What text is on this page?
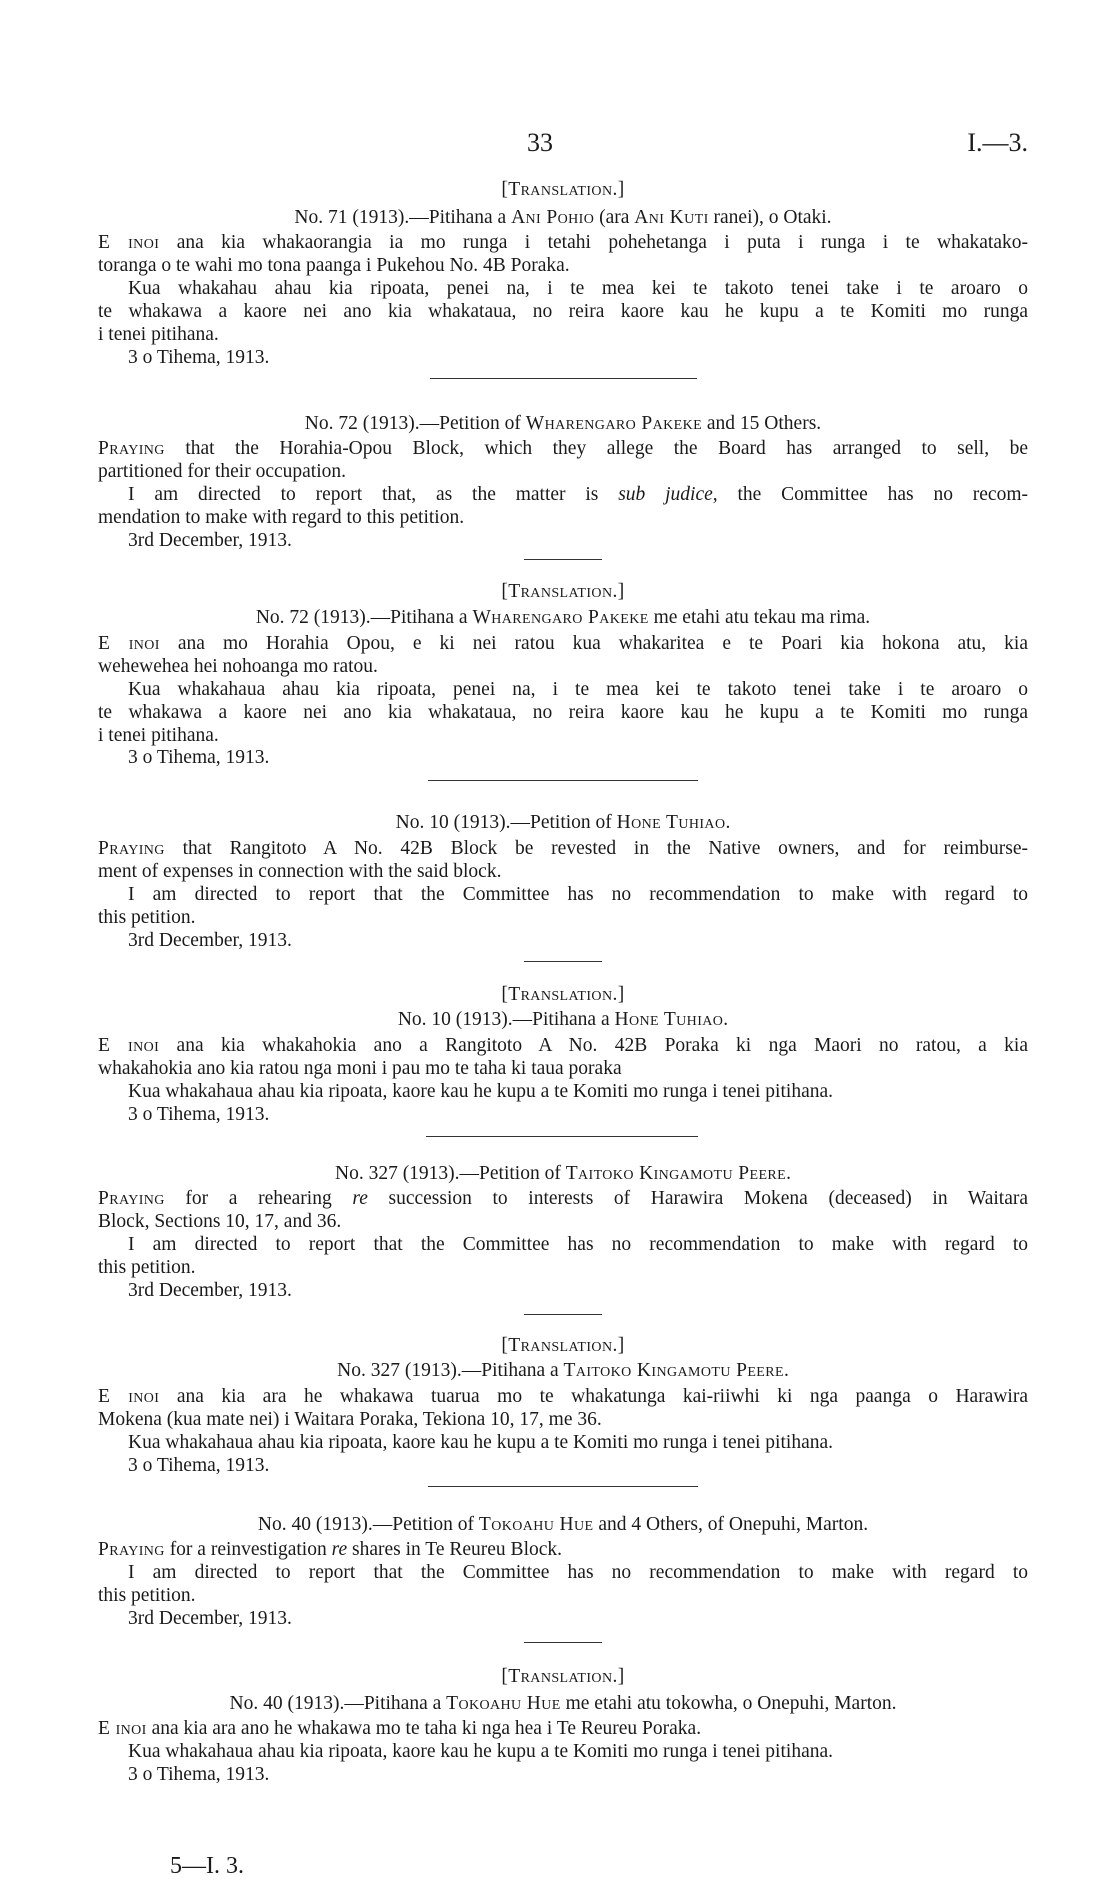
33	I.—3.
[Translation.]
No. 71 (1913).—Pitihana a Ani Pohio (ara Ani Kuti ranei), o Otaki.
E inoi ana kia whakaorangia ia mo runga i tetahi pohehetanga i puta i runga i te whakatako-
toranga o te wahi mo tona paanga i Pukehou No. 4B Poraka.
Kua whakahau ahau kia ripoata, penei na, i te mea kei te takoto tenei take i te aroaro o
te whakawa a kaore nei ano kia whakataua, no reira kaore kau he kupu a te Komiti mo runga
i tenei pitihana.
3 o Tihema, 1913.
No. 72 (1913).—Petition of Wharengaro Pakeke and 15 Others.
Praying that the Horahia-Opou Block, which they allege the Board has arranged to sell, be
partitioned for their occupation.
I am directed to report that, as the matter is sub judice, the Committee has no recom-
mendation to make with regard to this petition.
3rd December, 1913.
[Translation.]
No. 72 (1913).—Pitihana a Wharengaro Pakeke me etahi atu tekau ma rima.
E inoi ana mo Horahia Opou, e ki nei ratou kua whakaritea e te Poari kia hokona atu, kia
wehewehea hei nohoanga mo ratou.
Kua whakahaua ahau kia ripoata, penei na, i te mea kei te takoto tenei take i te aroaro o
te whakawa a kaore nei ano kia whakataua, no reira kaore kau he kupu a te Komiti mo runga
i tenei pitihana.
3 o Tihema, 1913.
No. 10 (1913).—Petition of Hone Tuhiao.
Praying that Rangitoto A No. 42B Block be revested in the Native owners, and for reimburse-
ment of expenses in connection with the said block.
I am directed to report that the Committee has no recommendation to make with regard to
this petition.
3rd December, 1913.
[Translation.]
No. 10 (1913).—Pitihana a Hone Tuhiao.
E inoi ana kia whakahokia ano a Rangitoto A No. 42B Poraka ki nga Maori no ratou, a kia
whakahokia ano kia ratou nga moni i pau mo te taha ki taua poraka
Kua whakahaua ahau kia ripoata, kaore kau he kupu a te Komiti mo runga i tenei pitihana.
3 o Tihema, 1913.
No. 327 (1913).—Petition of Taitoko Kingamotu Peere.
Praying for a rehearing re succession to interests of Harawira Mokena (deceased) in Waitara
Block, Sections 10, 17, and 36.
I am directed to report that the Committee has no recommendation to make with regard to
this petition.
3rd December, 1913.
[Translation.]
No. 327 (1913).—Pitihana a Taitoko Kingamotu Peere.
E inoi ana kia ara he whakawa tuarua mo te whakatunga kai-riiwhi ki nga paanga o Harawira
Mokena (kua mate nei) i Waitara Poraka, Tekiona 10, 17, me 36.
Kua whakahaua ahau kia ripoata, kaore kau he kupu a te Komiti mo runga i tenei pitihana.
3 o Tihema, 1913.
No. 40 (1913).—Petition of Tokoahu Hue and 4 Others, of Onepuhi, Marton.
Praying for a reinvestigation re shares in Te Reureu Block.
I am directed to report that the Committee has no recommendation to make with regard to
this petition.
3rd December, 1913.
[Translation.]
No. 40 (1913).—Pitihana a Tokoahu Hue me etahi atu tokowha, o Onepuhi, Marton.
E inoi ana kia ara ano he whakawa mo te taha ki nga hea i Te Reureu Poraka.
Kua whakahaua ahau kia ripoata, kaore kau he kupu a te Komiti mo runga i tenei pitihana.
3 o Tihema, 1913.
5—I. 3.
